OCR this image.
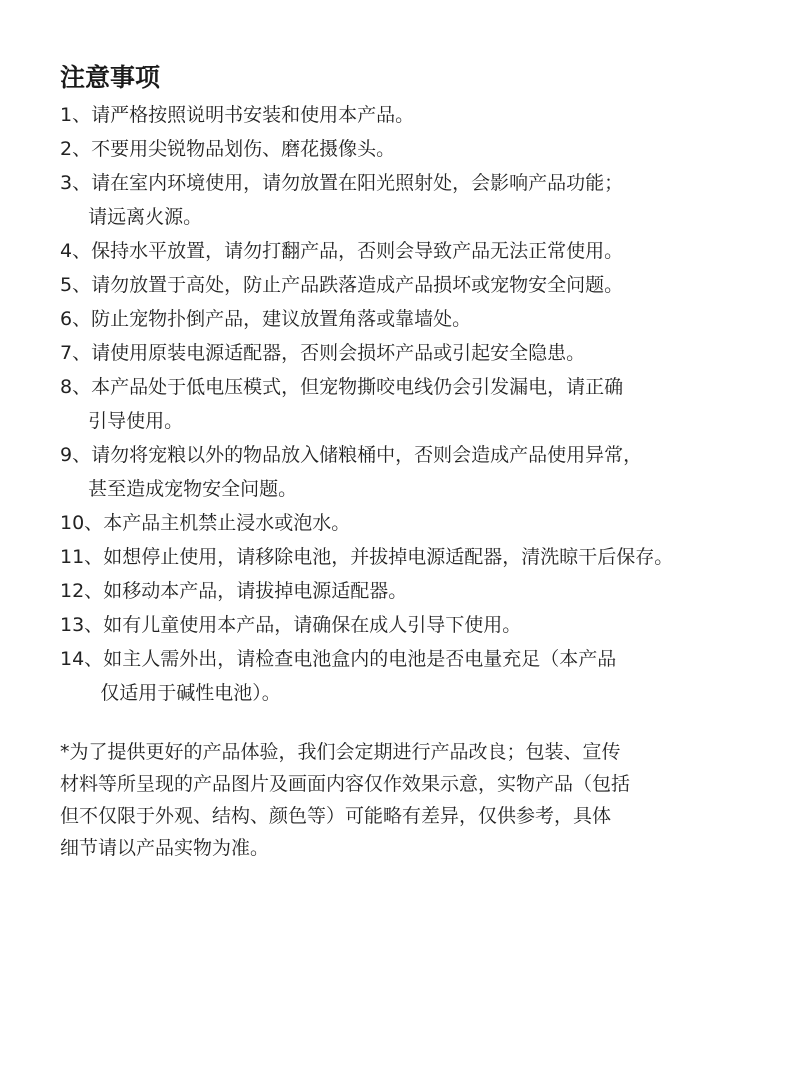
注意事项
1、 请严格按照说明书安装和使用本产品。
2、 不要用尖锐物品划伤、磨花摄像头。
3、 请在室内环境使用，请勿放置在阳光照射处，会影响产品功能；
请远离火源。
4、 保持水平放置，请勿打翻产品，否则会导致产品无法正常使用。
5、 请勿放置于高处，防止产品跌落造成产品损坏或宠物安全问题。
6、 防止宠物扑倒产品，建议放置角落或靠墙处。
7、 请使用原装电源适配器，否则会损坏产品或引起安全隐患。
8、 本产品处于低电压模式，但宠物撕咬电线仍会引发漏电，请正确
引导使用。
9、 请勿将宠粮以外的物品放入储粮桶中，否则会造成产品使用异常，
甚至造成宠物安全问题。
10、 本产品主机禁止浸水或泡水。
11、 如想停止使用，请移除电池，并拔掉电源适配器，清洗晾干后保存。
12、 如移动本产品，请拔掉电源适配器。
13、 如有儿童使用本产品，请确保在成人引导下使用。
14、 如主人需外出，请检查电池盒内的电池是否电量充足（本产品
仅适用于碱性电池）。
*为了提供更好的产品体验，我们会定期进行产品改良；包装、宣传
材料等所呈现的产品图片及画面内容仅作效果示意，实物产品（包括
但不仅限于外观、结构、颜色等）可能略有差异，仅供参考，具体
细节请以产品实物为准。
